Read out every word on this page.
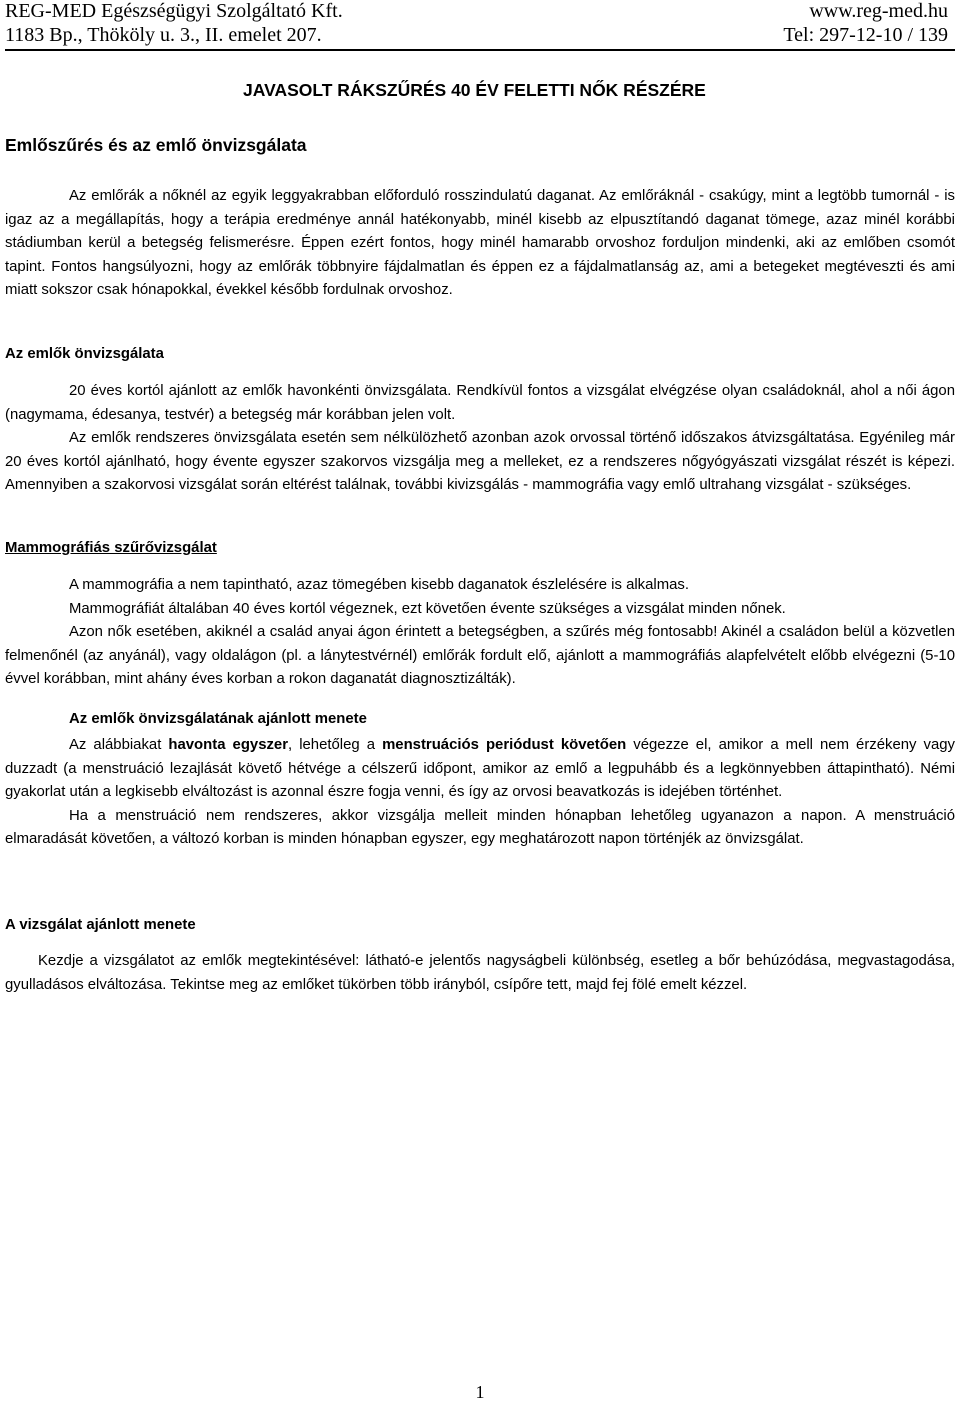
REG-MED Egészségügyi Szolgáltató Kft.	www.reg-med.hu
1183 Bp., Thököly u. 3., II. emelet 207.	Tel: 297-12-10 / 139
JAVASOLT RÁKSZŰRÉS 40 ÉV FELETTI NŐK RÉSZÉRE
Emlőszűrés és az emlő önvizsgálata

Az emlőrák a nőknél az egyik leggyakrabban előforduló rosszindulatú daganat. Az emlőráknál - csakúgy, mint a legtöbb tumornál - is igaz az a megállapítás, hogy a terápia eredménye annál hatékonyabb, minél kisebb az elpusztítandó daganat tömege, azaz minél korábbi stádiumban kerül a betegség felismerésre. Éppen ezért fontos, hogy minél hamarabb orvoshoz forduljon mindenki, aki az emlőben csomót tapint. Fontos hangsúlyozni, hogy az emlőrák többnyire fájdalmatlan és éppen ez a fájdalmatlanság az, ami a betegeket megtéveszti és ami miatt sokszor csak hónapokkal, évekkel később fordulnak orvoshoz.

Az emlők önvizsgálata

20 éves kortól ajánlott az emlők havonkénti önvizsgálata. Rendkívül fontos a vizsgálat elvégzése olyan családoknál, ahol a női ágon (nagymama, édesanya, testvér) a betegség már korábban jelen volt.

Az emlők rendszeres önvizsgálata esetén sem nélkülözhető azonban azok orvossal történő időszakos átvizsgáltatása. Egyénileg már 20 éves kortól ajánlható, hogy évente egyszer szakorvos vizsgálja meg a melleket, ez a rendszeres nőgyógyászati vizsgálat részét is képezi. Amennyiben a szakorvosi vizsgálat során eltérést találnak, további kivizsgálás - mammográfia vagy emlő ultrahang vizsgálat - szükséges.

Mammográfiás szűrővizsgálat

A mammográfia a nem tapintható, azaz tömegében kisebb daganatok észlelésére is alkalmas.

Mammográfiát általában 40 éves kortól végeznek, ezt követően évente szükséges a vizsgálat minden nőnek.

Azon nők esetében, akiknél a család anyai ágon érintett a betegségben, a szűrés még fontosabb! Akinél a családon belül a közvetlen felmenőnél (az anyánál), vagy oldalágon (pl. a lánytestvérnél) emlőrák fordult elő, ajánlott a mammográfiás alapfelvételt előbb elvégezni (5-10 évvel korábban, mint ahány éves korban a rokon daganatát diagnosztizálták).

Az emlők önvizsgálatának ajánlott menete

Az alábbiakat havonta egyszer, lehetőleg a menstruációs periódust követően végezze el, amikor a mell nem érzékeny vagy duzzadt (a menstruáció lezajlását követő hétvége a célszerű időpont, amikor az emlő a legpuhább és a legkönnyebben áttapintható). Némi gyakorlat után a legkisebb elváltozást is azonnal észre fogja venni, és így az orvosi beavatkozás is idejében történhet.

Ha a menstruáció nem rendszeres, akkor vizsgálja melleit minden hónapban lehetőleg ugyanazon a napon. A menstruáció elmaradását követően, a változó korban is minden hónapban egyszer, egy meghatározott napon történjék az önvizsgálat.

A vizsgálat ajánlott menete

Kezdje a vizsgálatot az emlők megtekintésével: látható-e jelentős nagyságbeli különbség, esetleg a bőr behúzódása, megvastagodása, gyulladásos elváltozása. Tekintse meg az emlőket tükörben több irányból, csípőre tett, majd fej fölé emelt kézzel.

1
